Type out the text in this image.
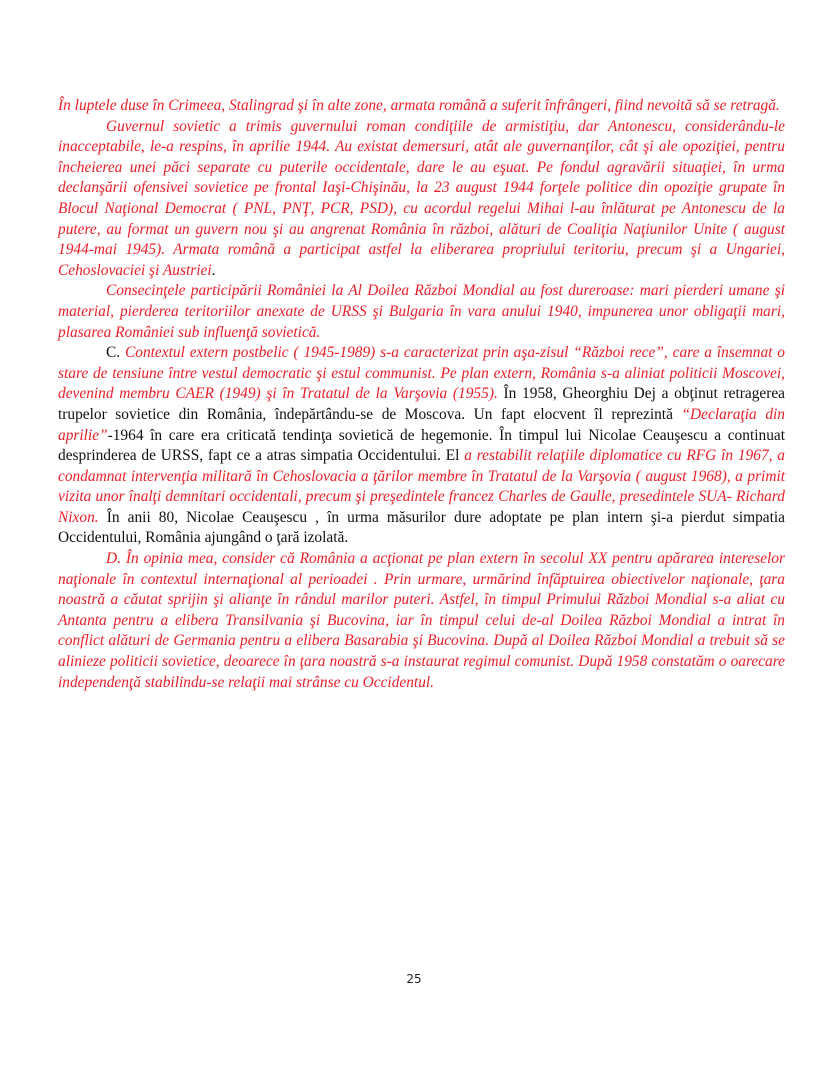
În luptele duse în Crimeea, Stalingrad şi în alte zone, armata română a suferit înfrângeri, fiind nevoită să se retragă.

Guvernul sovietic a trimis guvernului roman condiţiile de armistiţiu, dar Antonescu, considerându-le inacceptabile, le-a respins, în aprilie 1944. Au existat demersuri, atât ale guvernanţilor, cât şi ale opoziţiei, pentru încheierea unei păci separate cu puterile occidentale, dare le au eşuat. Pe fondul agravării situaţiei, în urma declanşării ofensivei sovietice pe frontal Iaşi-Chişinău, la 23 august 1944 forţele politice din opoziţie grupate în Blocul Naţional Democrat ( PNL, PNŢ, PCR, PSD), cu acordul regelui Mihai l-au înlăturat pe Antonescu de la putere, au format un guvern nou şi au angrenat România în război, alături de Coaliţia Naţiunilor Unite ( august 1944-mai 1945). Armata română a participat astfel la eliberarea propriului teritoriu, precum şi a Ungariei, Cehoslovaciei şi Austriei.

Consecinţele participării României la Al Doilea Război Mondial au fost dureroase: mari pierderi umane şi material, pierderea teritoriilor anexate de URSS şi Bulgaria în vara anului 1940, impunerea unor obligaţii mari, plasarea României sub influenţă sovietică.

C. Contextul extern postbelic ( 1945-1989) s-a caracterizat prin aşa-zisul “Război rece”, care a însemnat o stare de tensiune între vestul democratic şi estul communist. Pe plan extern, România s-a aliniat politicii Moscovei, devenind membru CAER (1949) şi în Tratatul de la Varşovia (1955). În 1958, Gheorghiu Dej a obţinut retragerea trupelor sovietice din România, îndepărtându-se de Moscova. Un fapt elocvent îl reprezintă “Declaraţia din aprilie”-1964 în care era criticată tendinţa sovietică de hegemonie. În timpul lui Nicolae Ceauşescu a continuat desprinderea de URSS, fapt ce a atras simpatia Occidentului. El a restabilit relaţiile diplomatice cu RFG în 1967, a condamnat intervenţia militară în Cehoslovacia a ţărilor membre în Tratatul de la Varşovia ( august 1968), a primit vizita unor înalţi demnitari occidentali, precum şi preşedintele francez Charles de Gaulle, presedintele SUA- Richard Nixon. În anii 80, Nicolae Ceauşescu , în urma măsurilor dure adoptate pe plan intern şi-a pierdut simpatia Occidentului, România ajungând o ţară izolată.

D. În opinia mea, consider că România a acţionat pe plan extern în secolul XX pentru apărarea intereselor naţionale în contextul internaţional al perioadei . Prin urmare, urmărind înfăptuirea obiectivelor naţionale, ţara noastră a căutat sprijin şi alianţe în rândul marilor puteri. Astfel, în timpul Primului Război Mondial s-a aliat cu Antanta pentru a elibera Transilvania şi Bucovina, iar în timpul celui de-al Doilea Război Mondial a intrat în conflict alături de Germania pentru a elibera Basarabia şi Bucovina. După al Doilea Război Mondial a trebuit să se alinieze politicii sovietice, deoarece în ţara noastră s-a instaurat regimul comunist. După 1958 constatăm o oarecare independenţă stabilindu-se relaţii mai strânse cu Occidentul.

25
